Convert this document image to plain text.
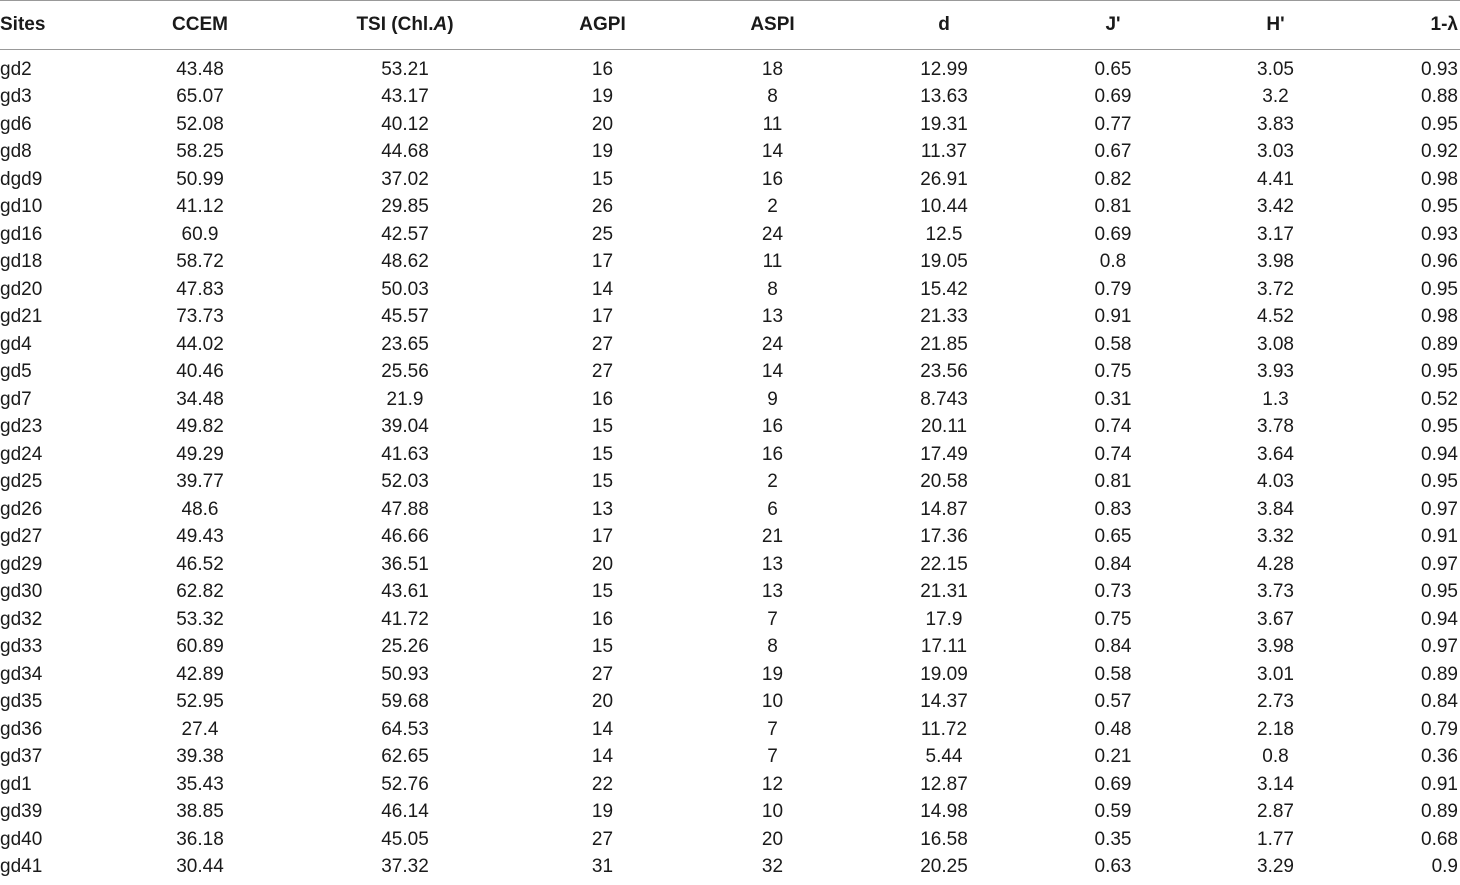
Sites	CCEM	TSI (Chl.A)	AGPI	ASPI	d	J'	H'	1-λ
gd2	43.48	53.21	16	18	12.99	0.65	3.05	0.93
gd3	65.07	43.17	19	8	13.63	0.69	3.2	0.88
gd6	52.08	40.12	20	11	19.31	0.77	3.83	0.95
gd8	58.25	44.68	19	14	11.37	0.67	3.03	0.92
dgd9	50.99	37.02	15	16	26.91	0.82	4.41	0.98
gd10	41.12	29.85	26	2	10.44	0.81	3.42	0.95
gd16	60.9	42.57	25	24	12.5	0.69	3.17	0.93
gd18	58.72	48.62	17	11	19.05	0.8	3.98	0.96
gd20	47.83	50.03	14	8	15.42	0.79	3.72	0.95
gd21	73.73	45.57	17	13	21.33	0.91	4.52	0.98
gd4	44.02	23.65	27	24	21.85	0.58	3.08	0.89
gd5	40.46	25.56	27	14	23.56	0.75	3.93	0.95
gd7	34.48	21.9	16	9	8.743	0.31	1.3	0.52
gd23	49.82	39.04	15	16	20.11	0.74	3.78	0.95
gd24	49.29	41.63	15	16	17.49	0.74	3.64	0.94
gd25	39.77	52.03	15	2	20.58	0.81	4.03	0.95
gd26	48.6	47.88	13	6	14.87	0.83	3.84	0.97
gd27	49.43	46.66	17	21	17.36	0.65	3.32	0.91
gd29	46.52	36.51	20	13	22.15	0.84	4.28	0.97
gd30	62.82	43.61	15	13	21.31	0.73	3.73	0.95
gd32	53.32	41.72	16	7	17.9	0.75	3.67	0.94
gd33	60.89	25.26	15	8	17.11	0.84	3.98	0.97
gd34	42.89	50.93	27	19	19.09	0.58	3.01	0.89
gd35	52.95	59.68	20	10	14.37	0.57	2.73	0.84
gd36	27.4	64.53	14	7	11.72	0.48	2.18	0.79
gd37	39.38	62.65	14	7	5.44	0.21	0.8	0.36
gd1	35.43	52.76	22	12	12.87	0.69	3.14	0.91
gd39	38.85	46.14	19	10	14.98	0.59	2.87	0.89
gd40	36.18	45.05	27	20	16.58	0.35	1.77	0.68
gd41	30.44	37.32	31	32	20.25	0.63	3.29	0.9
